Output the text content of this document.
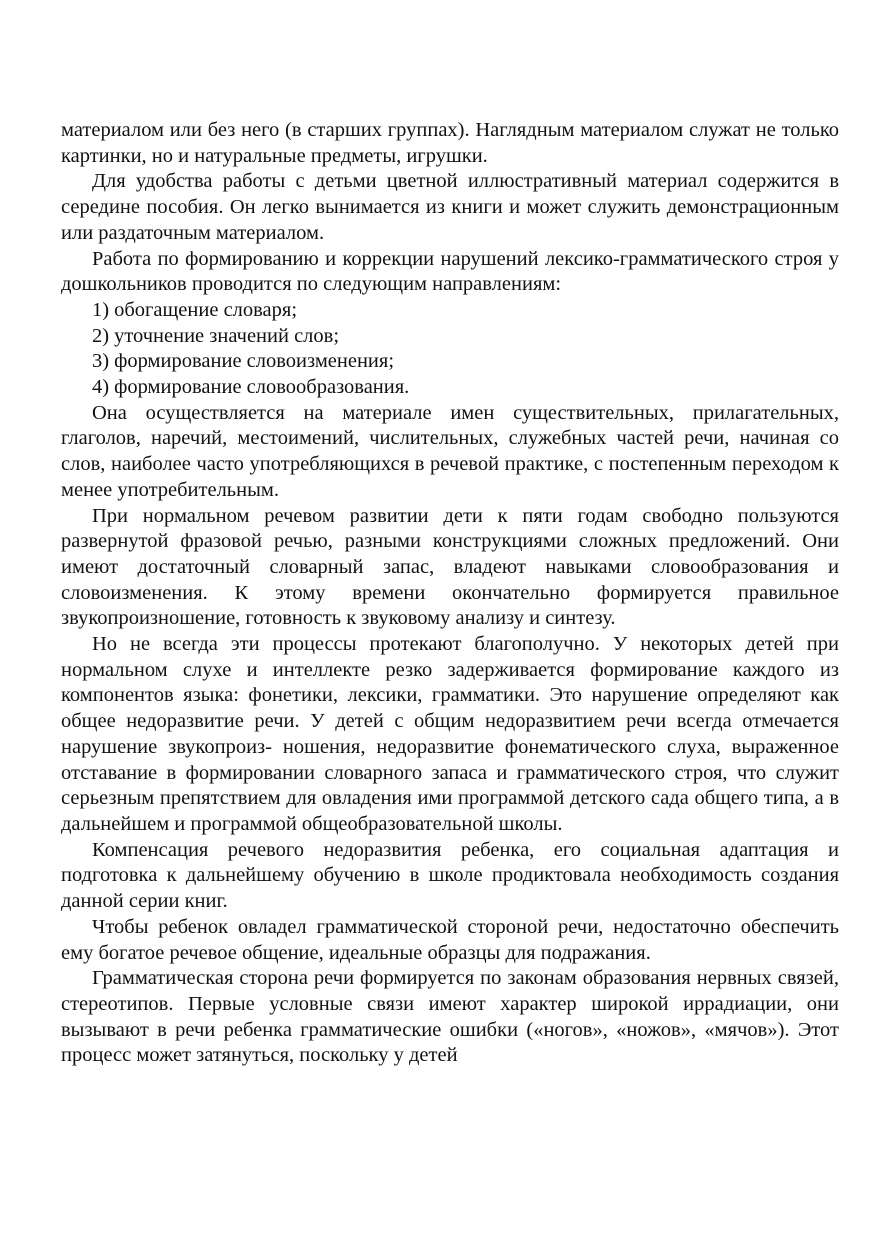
материалом или без него (в старших группах). Наглядным материалом служат не только картинки, но и натуральные предметы, игрушки.

Для удобства работы с детьми цветной иллюстративный материал содержится в середине пособия. Он легко вынимается из книги и может служить демонстрационным или раздаточным материалом.

Работа по формированию и коррекции нарушений лексико-грамматического строя у дошкольников проводится по следующим направлениям:

1) обогащение словаря;
2) уточнение значений слов;
3) формирование словоизменения;
4) формирование словообразования.

Она осуществляется на материале имен существительных, прилагательных, глаголов, наречий, местоимений, числительных, служебных частей речи, начиная со слов, наиболее часто употребляющихся в речевой практике, с постепенным переходом к менее употребительным.

При нормальном речевом развитии дети к пяти годам свободно пользуются развернутой фразовой речью, разными конструкциями сложных предложений. Они имеют достаточный словарный запас, владеют навыками словообразования и словоизменения. К этому времени окончательно формируется правильное звукопроизношение, готовность к звуковому анализу и синтезу.

Но не всегда эти процессы протекают благополучно. У некоторых детей при нормальном слухе и интеллекте резко задерживается формирование каждого из компонентов языка: фонетики, лексики, грамматики. Это нарушение определяют как общее недоразвитие речи. У детей с общим недоразвитием речи всегда отмечается нарушение звукопроиз- ношения, недоразвитие фонематического слуха, выраженное отставание в формировании словарного запаса и грамматического строя, что служит серьезным препятствием для овладения ими программой детского сада общего типа, а в дальнейшем и программой общеобразовательной школы.

Компенсация речевого недоразвития ребенка, его социальная адаптация и подготовка к дальнейшему обучению в школе продиктовала необходимость создания данной серии книг.

Чтобы ребенок овладел грамматической стороной речи, недостаточно обеспечить ему богатое речевое общение, идеальные образцы для подражания.

Грамматическая сторона речи формируется по законам образования нервных связей, стереотипов. Первые условные связи имеют характер широкой иррадиации, они вызывают в речи ребенка грамматические ошибки («ногов», «ножов», «мячов»). Этот процесс может затянуться, поскольку у детей
